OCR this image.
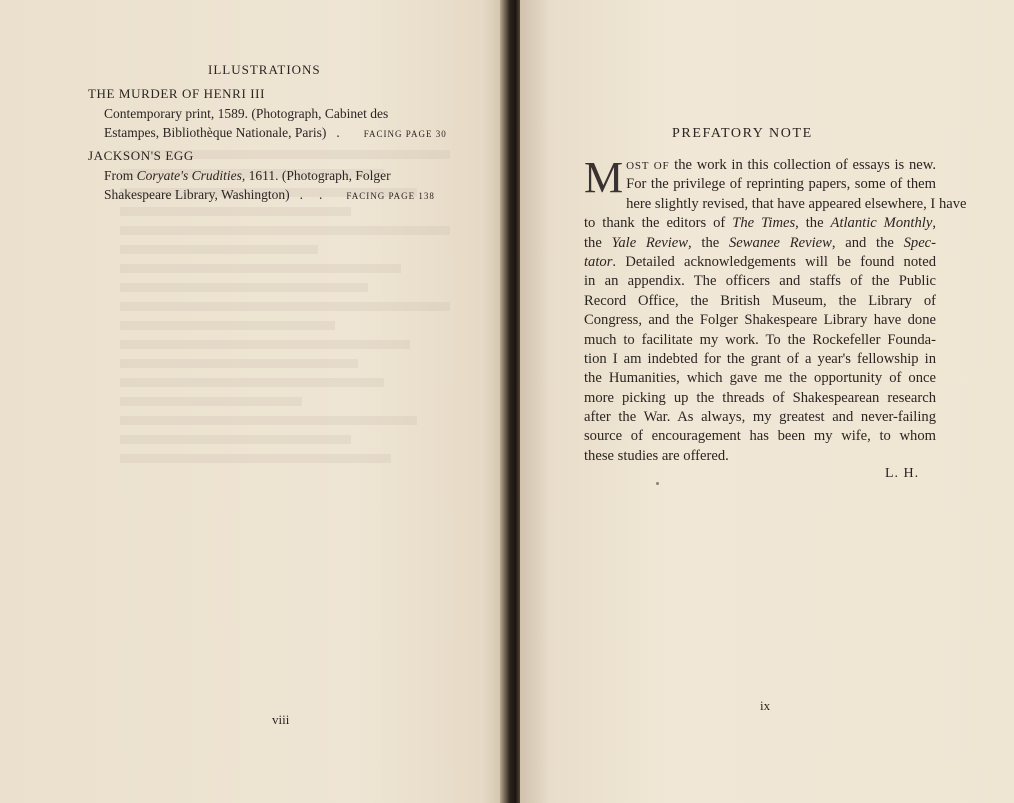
ILLUSTRATIONS
THE MURDER OF HENRI III
Contemporary print, 1589. (Photograph, Cabinet des
Estampes, Bibliothèque Nationale, Paris) .	FACING PAGE 30
JACKSON'S EGG
From Coryate's Crudities, 1611. (Photograph, Folger
Shakespeare Library, Washington) . .	FACING PAGE 138
viii
PREFATORY NOTE
M OST OF the work in this collection of essays is new.
For the privilege of reprinting papers, some of them
here slightly revised, that have appeared elsewhere, I have
to thank the editors of The Times, the Atlantic Monthly,
the Yale Review, the Sewanee Review, and the Spec-
tator. Detailed acknowledgements will be found noted
in an appendix. The officers and staffs of the Public
Record Office, the British Museum, the Library of
Congress, and the Folger Shakespeare Library have done
much to facilitate my work. To the Rockefeller Founda-
tion I am indebted for the grant of a year's fellowship in
the Humanities, which gave me the opportunity of once
more picking up the threads of Shakespearean research
after the War. As always, my greatest and never-failing
source of encouragement has been my wife, to whom
these studies are offered.
L. H.
ix
